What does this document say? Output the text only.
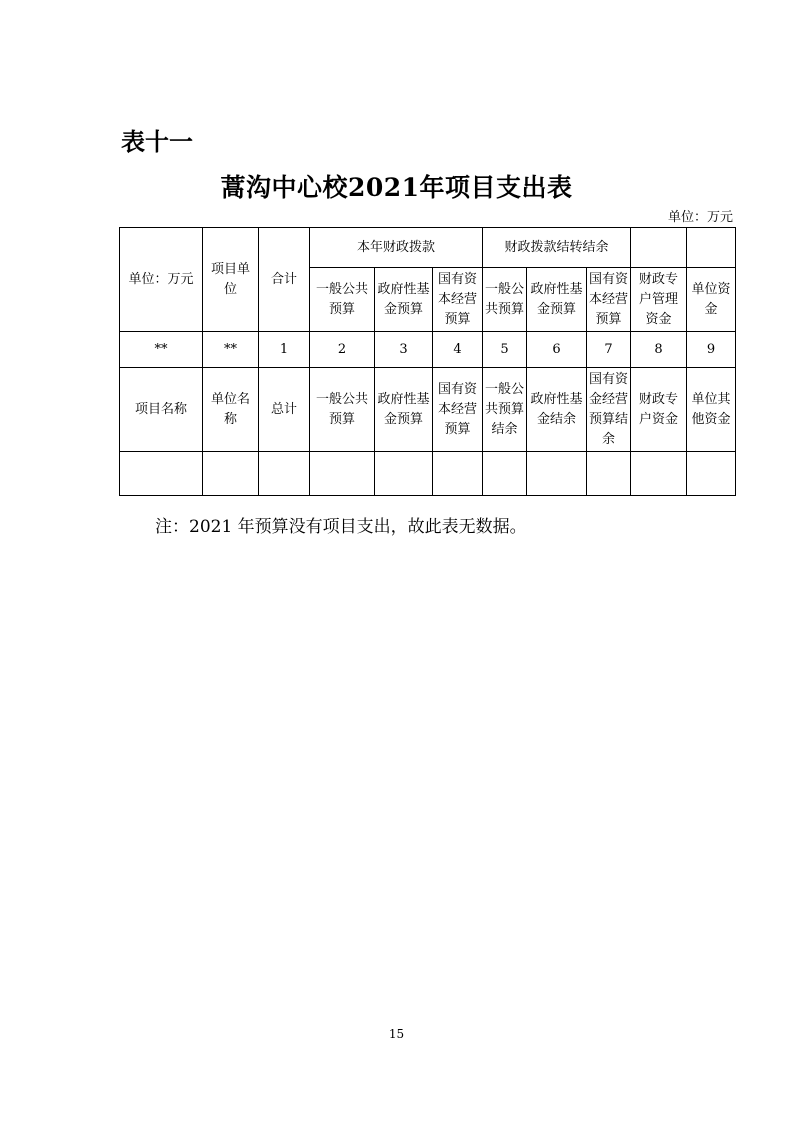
表十一
蒿沟中心校2021年项目支出表
单位：万元
单位：万元	项目单位	合计	本年财政拨款			财政拨款结转结余				
			一般公共预算	政府性基金预算	国有资本经营预算	一般公共预算	政府性基金预算	国有资本经营预算	财政专户管理资金	单位资金
**	**	1	2	3	4	5	6	7	8	9
项目名称	单位名称	总计	一般公共预算	政府性基金预算	国有资本经营预算	一般公共预算结余	政府性基金结余	国有资金经营预算结余	财政专户资金	单位其他资金

注：2021 年预算没有项目支出，故此表无数据。
15
